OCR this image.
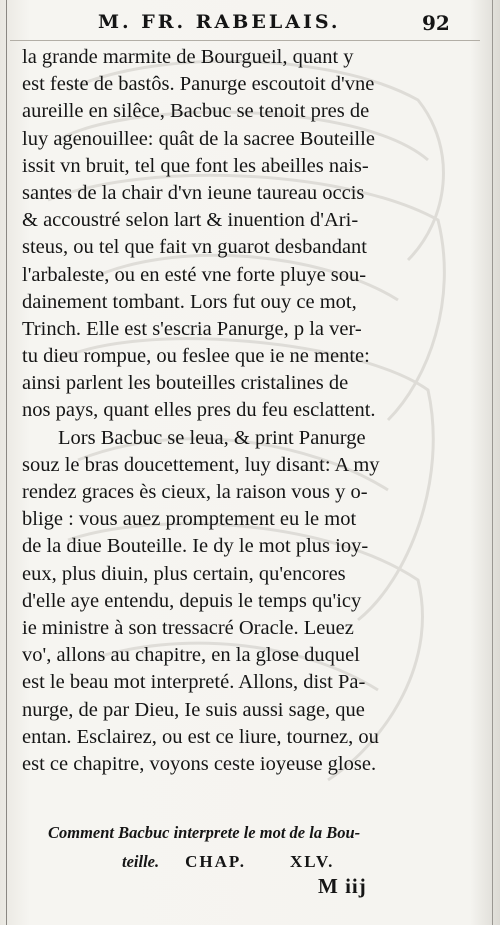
M. FR. RABELAIS.	92
la grande marmite de Bourgueil, quant y
est feste de bastôs. Panurge escoutoit d'vne
aureille en silêce, Bacbuc se tenoit pres de
luy agenouillee: quât de la sacree Bouteille
issit vn bruit, tel que font les abeilles nais-
santes de la chair d'vn ieune taureau occis
& accoustré selon lart & inuention d'Ari-
steus, ou tel que fait vn guarot desbandant
l'arbaleste, ou en esté vne forte pluye sou-
dainement tombant. Lors fut ouy ce mot,
Trinch. Elle est s'escria Panurge, p la ver-
tu dieu rompue, ou feslee que ie ne mente:
ainsi parlent les bouteilles cristalines de
nos pays, quant elles pres du feu esclattent.
Lors Bacbuc se leua, & print Panurge
souz le bras doucettement, luy disant: A my
rendez graces ès cieux, la raison vous y o-
blige : vous auez promptement eu le mot
de la diue Bouteille. Ie dy le mot plus ioy-
eux, plus diuin, plus certain, qu'encores
d'elle aye entendu, depuis le temps qu'icy
ie ministre à son tressacré Oracle. Leuez
vo', allons au chapitre, en la glose duquel
est le beau mot interpreté. Allons, dist Pa-
nurge, de par Dieu, Ie suis aussi sage, que
entan. Esclairez, ou est ce liure, tournez, ou
est ce chapitre, voyons ceste ioyeuse glose.
Comment Bacbuc interprete le mot de la Bou-
teille. CHAP.	XLV.
M iij
